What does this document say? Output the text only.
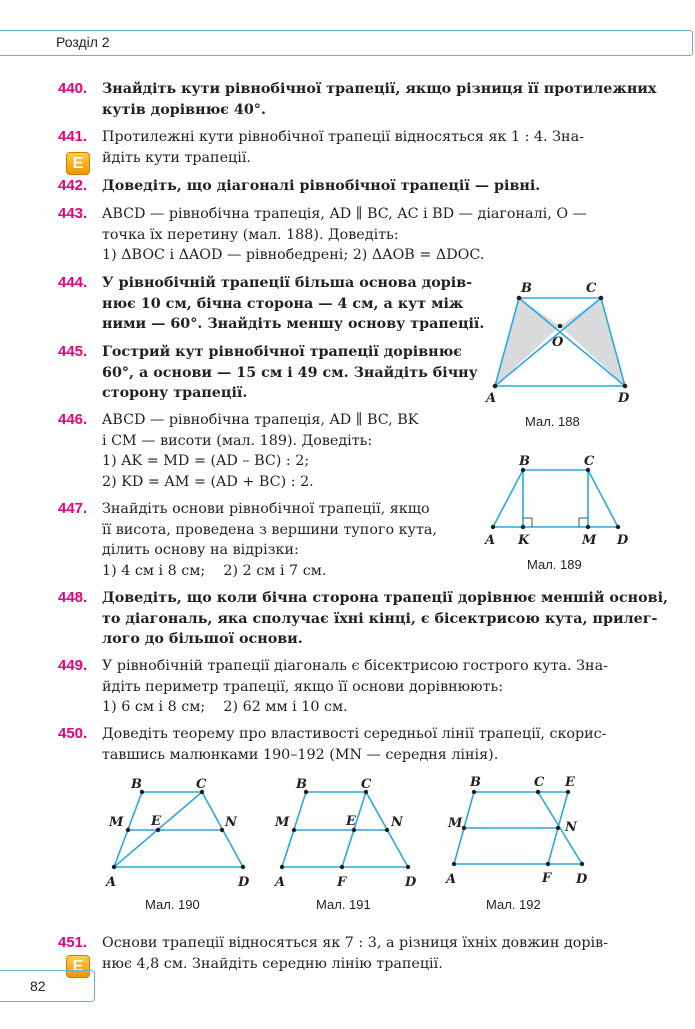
Розділ 2
440. Знайдіть кути рівнобічної трапеції, якщо різниця її протилежних
кутів дорівнює 40°.
441.
E
Протилежні кути рівнобічної трапеції відносяться як 1 : 4. Зна-
йдіть кути трапеції.
442. Доведіть, що діагоналі рівнобічної трапеції — рівні.
443. ABCD — рівнобічна трапеція, AD ∥ BC, AC і BD — діагоналі, O —
точка їх перетину (мал. 188). Доведіть:
1) ΔBOC і ΔAOD — рівнобедрені; 2) ΔAOB = ΔDOC.
444. У рівнобічній трапеції більша основа дорів-
нює 10 см, бічна сторона — 4 см, а кут між
ними — 60°. Знайдіть меншу основу трапеції.
445. Гострий кут рівнобічної трапеції дорівнює
60°, а основи — 15 см і 49 см. Знайдіть бічну
сторону трапеції.
446. ABCD — рівнобічна трапеція, AD ∥ BC, BK
і CM — висоти (мал. 189). Доведіть:
1) AK = MD = (AD – BC) : 2;
2) KD = AM = (AD + BC) : 2.
447. Знайдіть основи рівнобічної трапеції, якщо
її висота, проведена з вершини тупого кута,
ділить основу на відрізки:
1) 4 см і 8 см;    2) 2 см і 7 см.
448. Доведіть, що коли бічна сторона трапеції дорівнює меншій основі,
то діагональ, яка сполучає їхні кінці, є бісектрисою кута, прилег-
лого до більшої основи.
449. У рівнобічній трапеції діагональ є бісектрисою гострого кута. Зна-
йдіть периметр трапеції, якщо її основи дорівнюють:
1) 6 см і 8 см;    2) 62 мм і 10 см.
450. Доведіть теорему про властивості середньої лінії трапеції, скорис-
тавшись малюнками 190–192 (MN — середня лінія).
451.
E
Основи трапеції відносяться як 7 : 3, а різниця їхніх довжин дорів-
нює 4,8 см. Знайдіть середню лінію трапеції.
B	C
O
A	D
Мал. 188
B	C
A K	M D
Мал. 189
B	C
M E	N
A	D
Мал. 190
B	C
M	E	N
A	F	D
Мал. 191
B	C E
M	N
A	F D
Мал. 192
82
